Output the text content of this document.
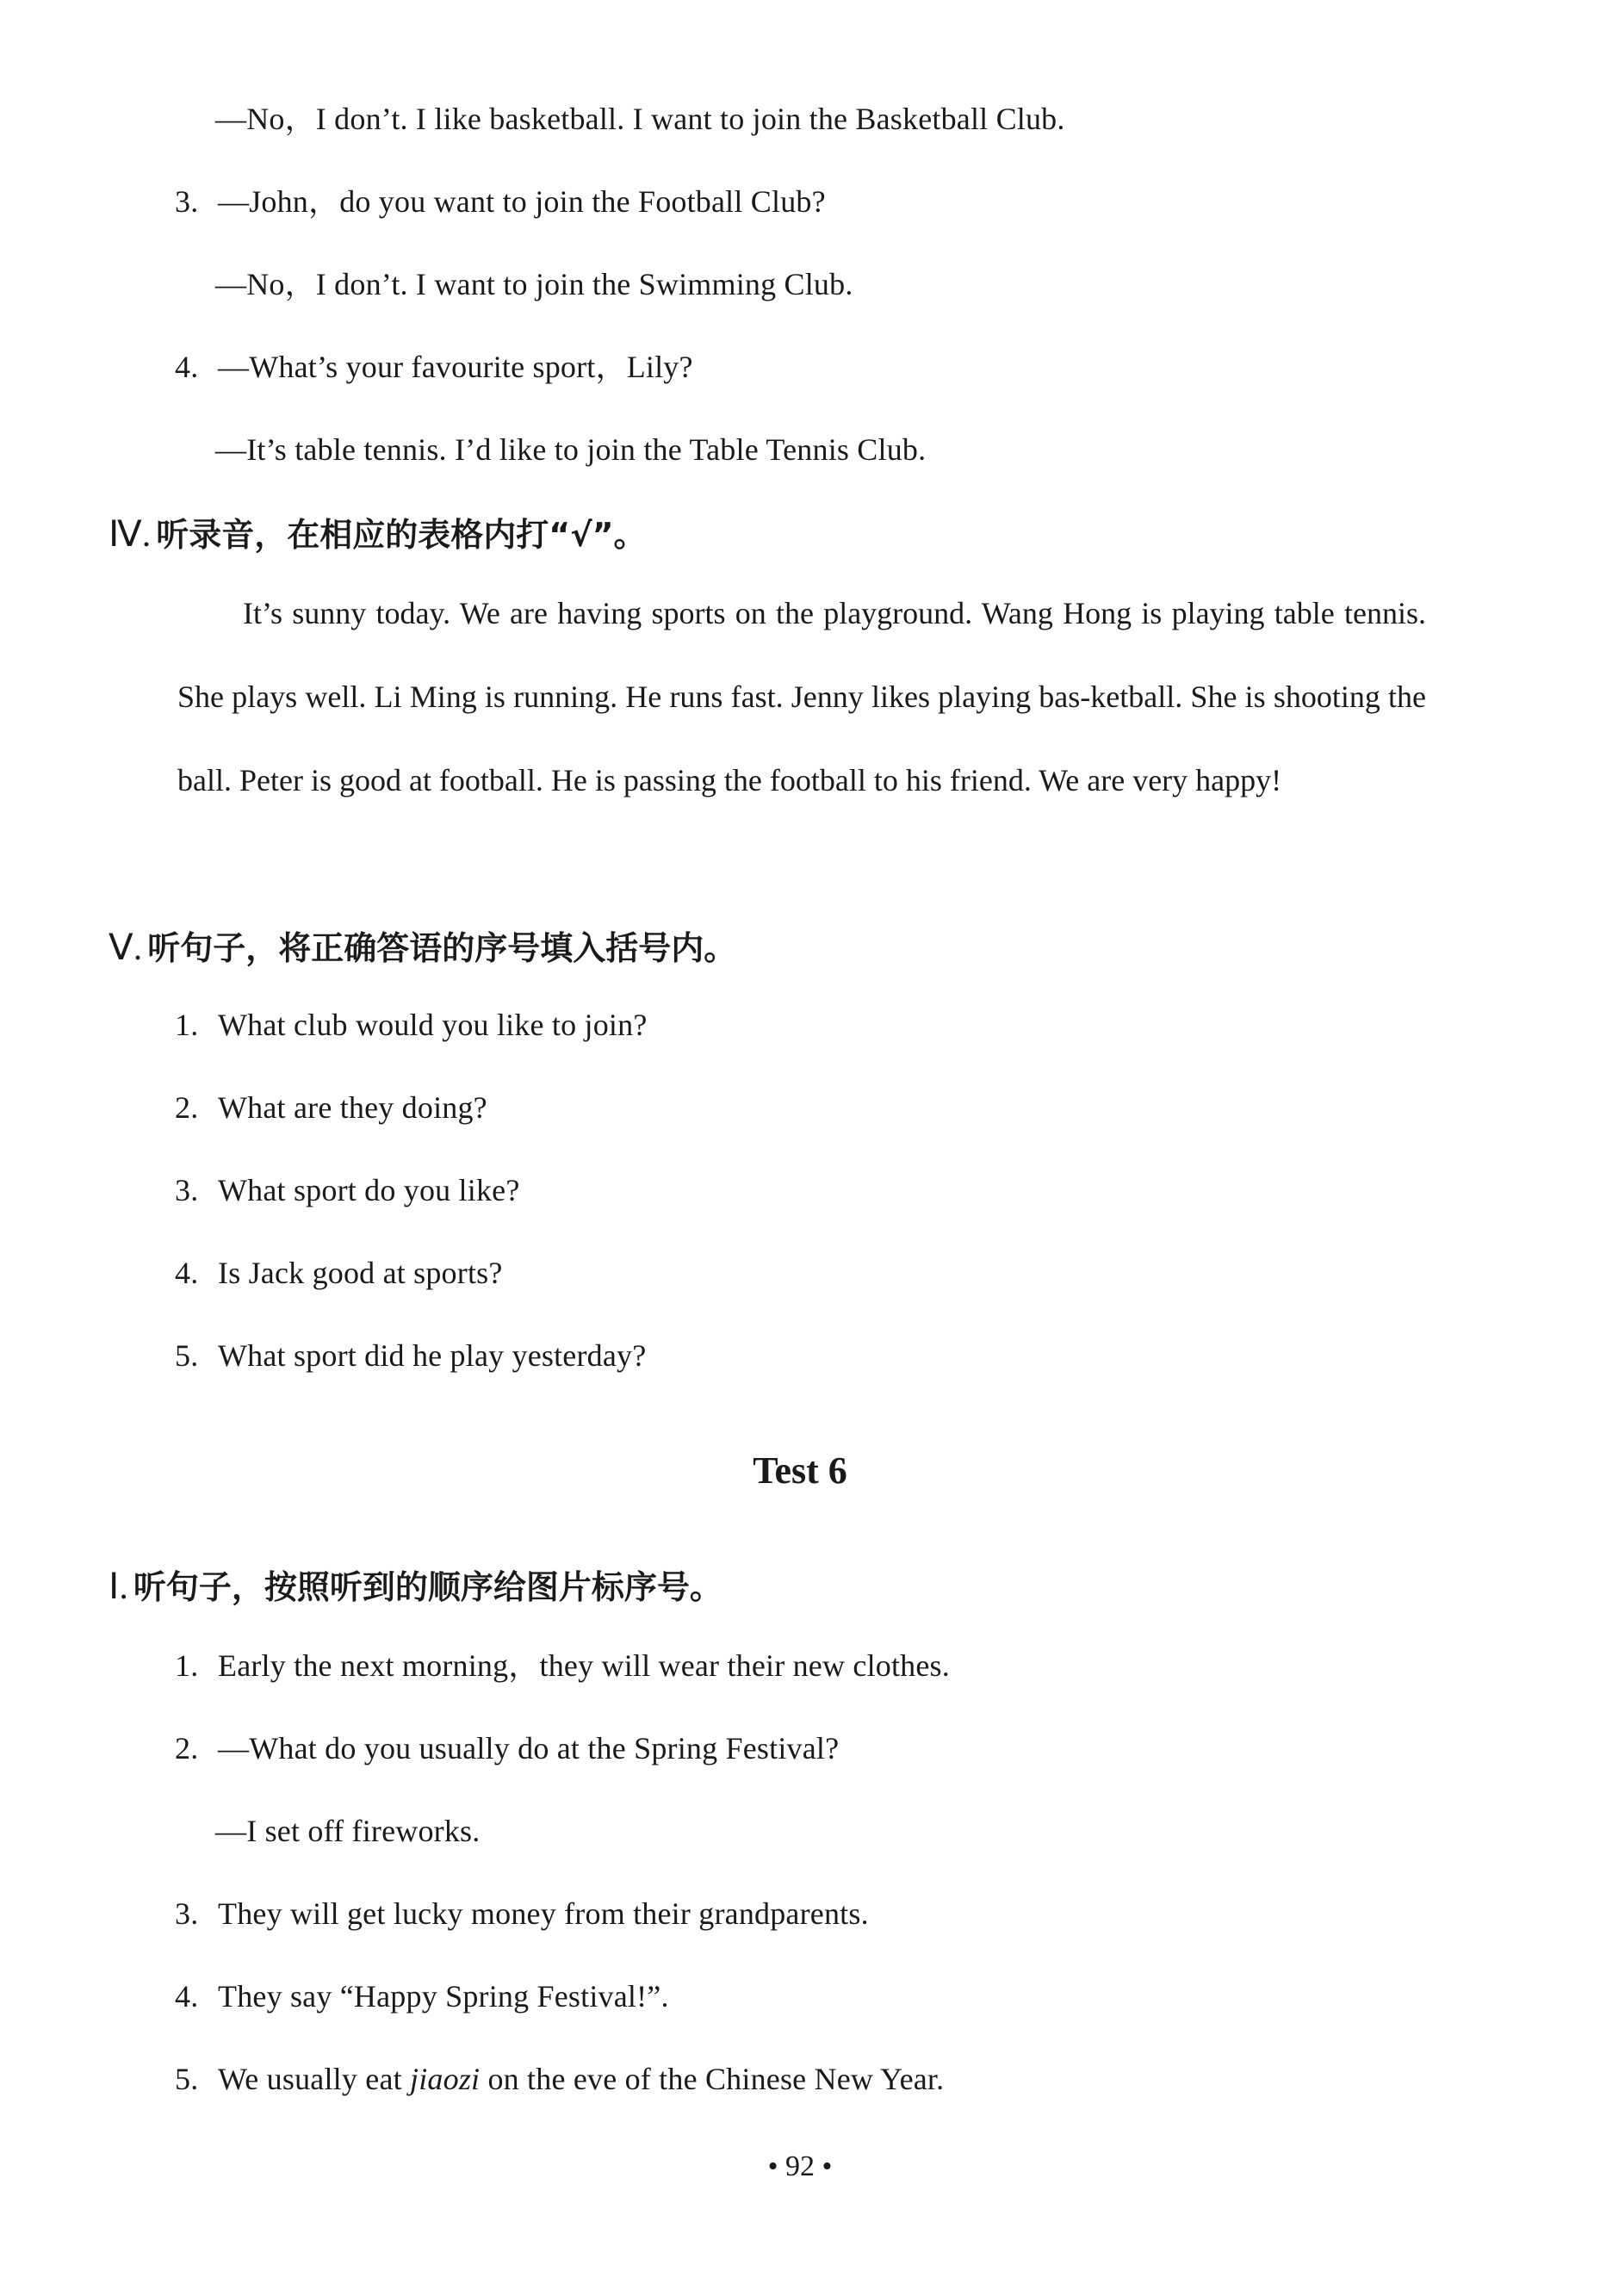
—No，I don’t. I like basketball. I want to join the Basketball Club.
3. —John，do you want to join the Football Club?
—No，I don’t. I want to join the Swimming Club.
4. —What’s your favourite sport，Lily?
—It’s table tennis. I’d like to join the Table Tennis Club.
Ⅳ. 听录音，在相应的表格内打“√”。
It’s sunny today. We are having sports on the playground. Wang Hong is playing table tennis. She plays well. Li Ming is running. He runs fast. Jenny likes playing bas-ketball. She is shooting the ball. Peter is good at football. He is passing the football to his friend. We are very happy!
Ⅴ. 听句子，将正确答语的序号填入括号内。
1. What club would you like to join?
2. What are they doing?
3. What sport do you like?
4. Is Jack good at sports?
5. What sport did he play yesterday?
Test 6
Ⅰ. 听句子，按照听到的顺序给图片标序号。
1. Early the next morning，they will wear their new clothes.
2. —What do you usually do at the Spring Festival?
—I set off fireworks.
3. They will get lucky money from their grandparents.
4. They say “Happy Spring Festival!”.
5. We usually eat jiaozi on the eve of the Chinese New Year.
• 92 •
